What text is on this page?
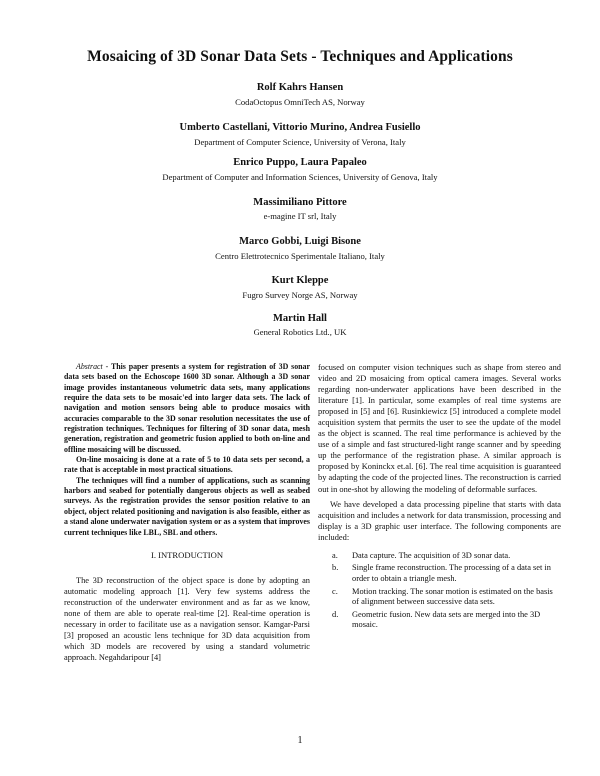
Mosaicing of 3D Sonar Data Sets - Techniques and Applications
Rolf Kahrs Hansen
CodaOctopus OmniTech AS, Norway
Umberto Castellani, Vittorio Murino, Andrea Fusiello
Department of Computer Science, University of Verona, Italy
Enrico Puppo, Laura Papaleo
Department of Computer and Information Sciences, University of Genova, Italy
Massimiliano Pittore
e-magine IT srl, Italy
Marco Gobbi, Luigi Bisone
Centro Elettrotecnico Sperimentale Italiano, Italy
Kurt Kleppe
Fugro Survey Norge AS, Norway
Martin Hall
General Robotics Ltd., UK

Abstract - This paper presents a system for registration of 3D sonar data sets based on the Echoscope 1600 3D sonar. Although a 3D sonar image provides instantaneous volumetric data sets, many applications require the data sets to be mosaic'ed into larger data sets. The lack of navigation and motion sensors being able to produce mosaics with accuracies comparable to the 3D sonar resolution necessitates the use of registration techniques. Techniques for filtering of 3D sonar data, mesh generation, registration and geometric fusion applied to both on-line and offline mosaicing will be discussed.

On-line mosaicing is done at a rate of 5 to 10 data sets per second, a rate that is acceptable in most practical situations.

The techniques will find a number of applications, such as scanning harbors and seabed for potentially dangerous objects as well as seabed surveys. As the registration provides the sensor position relative to an object, object related positioning and navigation is also feasible, either as a stand alone underwater navigation system or as a system that improves current techniques like LBL, SBL and others.

I. INTRODUCTION

The 3D reconstruction of the object space is done by adopting an automatic modeling approach [1]. Very few systems address the reconstruction of the underwater environment and as far as we know, none of them are able to operate real-time [2]. Real-time operation is necessary in order to facilitate use as a navigation sensor. Kamgar-Parsi [3] proposed an acoustic lens technique for 3D data acquisition from which 3D models are recovered by using a standard volumetric approach. Negahdaripour [4]

focused on computer vision techniques such as shape from stereo and video and 2D mosaicing from optical camera images. Several works regarding non-underwater applications have been described in the literature [1]. In particular, some examples of real time systems are proposed in [5] and [6]. Rusinkiewicz [5] introduced a complete model acquisition system that permits the user to see the update of the model as the object is scanned. The real time performance is achieved by the use of a simple and fast structured-light range scanner and by speeding up the performance of the registration phase. A similar approach is proposed by Koninckx et.al. [6]. The real time acquisition is guaranteed by adapting the code of the projected lines. The reconstruction is carried out in one-shot by allowing the modeling of deformable surfaces.

We have developed a data processing pipeline that starts with data acquisition and includes a network for data transmission, processing and display is a 3D graphic user interface. The following components are included:

a. Data capture. The acquisition of 3D sonar data.
b. Single frame reconstruction. The processing of a data set in order to obtain a triangle mesh.
c. Motion tracking. The sonar motion is estimated on the basis of alignment between successive data sets.
d. Geometric fusion. New data sets are merged into the 3D mosaic.
1
